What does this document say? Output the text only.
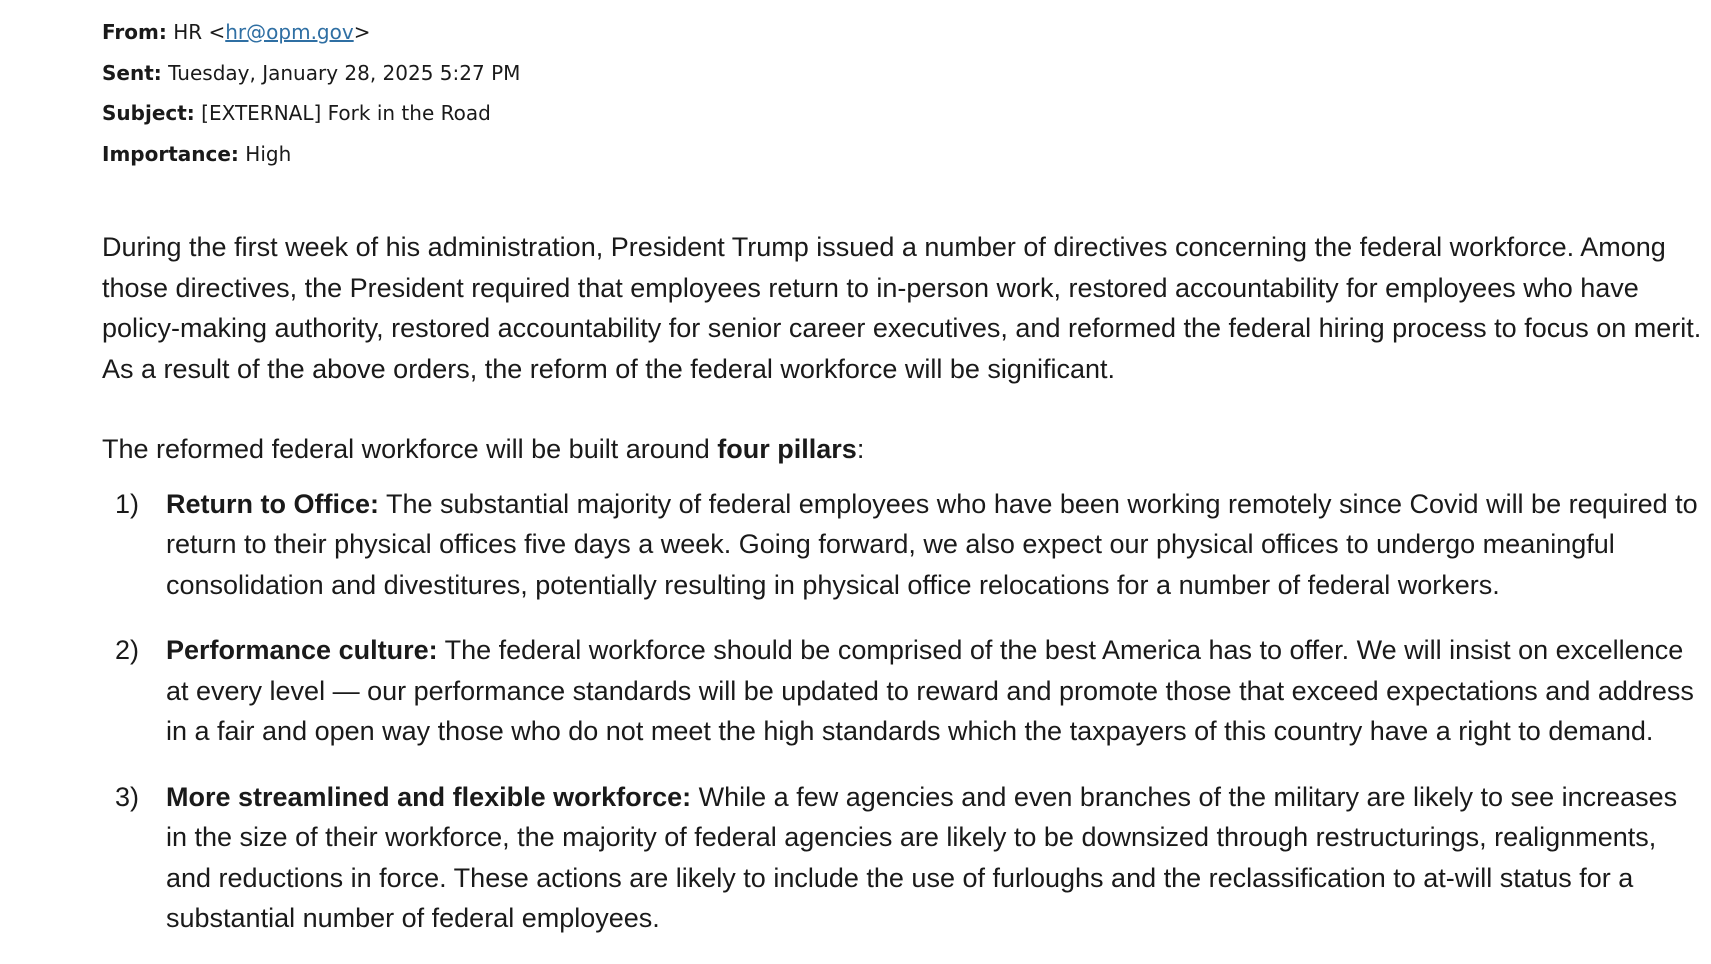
From: HR <hr@opm.gov>
Sent: Tuesday, January 28, 2025 5:27 PM
Subject: [EXTERNAL] Fork in the Road
Importance: High

During the first week of his administration, President Trump issued a number of directives concerning the federal workforce. Among those directives, the President required that employees return to in-person work, restored accountability for employees who have policy-making authority, restored accountability for senior career executives, and reformed the federal hiring process to focus on merit. As a result of the above orders, the reform of the federal workforce will be significant.

The reformed federal workforce will be built around four pillars:

1) Return to Office: The substantial majority of federal employees who have been working remotely since Covid will be required to return to their physical offices five days a week. Going forward, we also expect our physical offices to undergo meaningful consolidation and divestitures, potentially resulting in physical office relocations for a number of federal workers.
2) Performance culture: The federal workforce should be comprised of the best America has to offer. We will insist on excellence at every level — our performance standards will be updated to reward and promote those that exceed expectations and address in a fair and open way those who do not meet the high standards which the taxpayers of this country have a right to demand.
3) More streamlined and flexible workforce: While a few agencies and even branches of the military are likely to see increases in the size of their workforce, the majority of federal agencies are likely to be downsized through restructurings, realignments, and reductions in force. These actions are likely to include the use of furloughs and the reclassification to at-will status for a substantial number of federal employees.
